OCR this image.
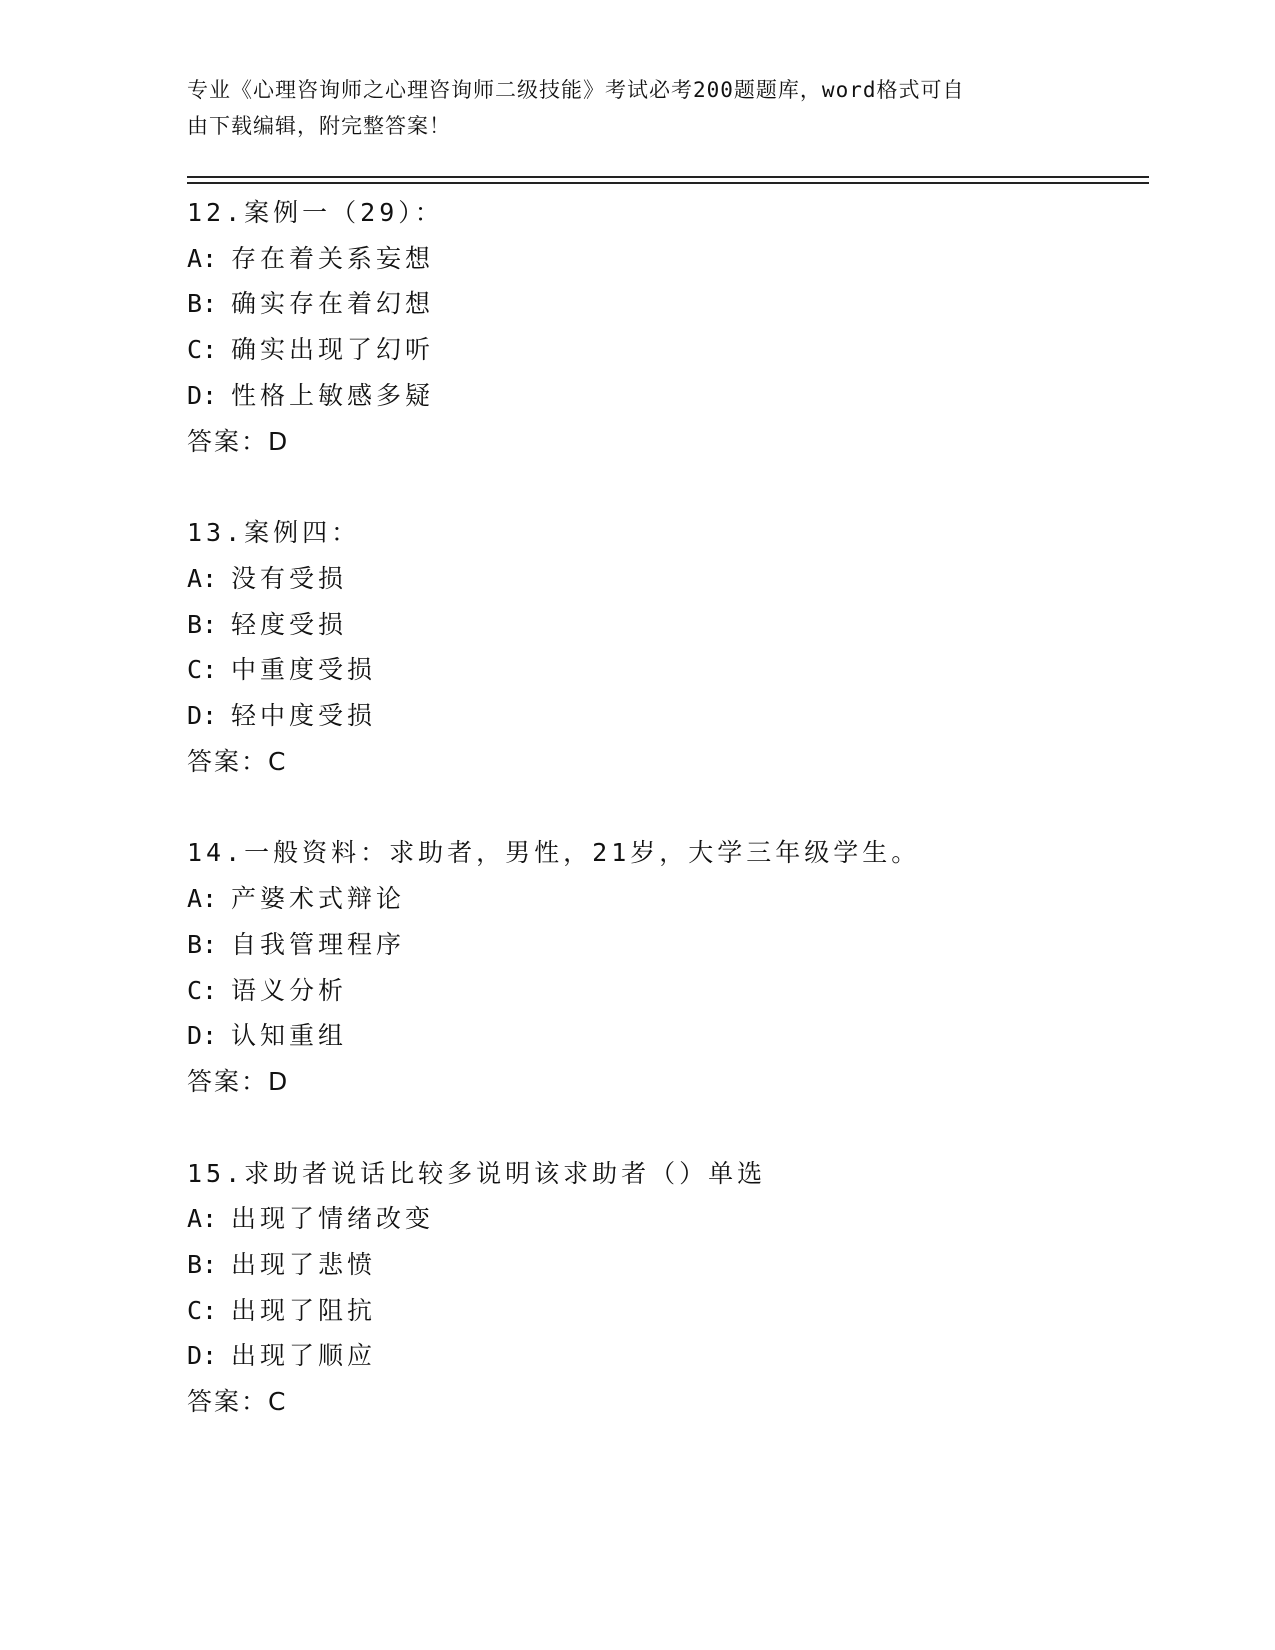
专业《心理咨询师之心理咨询师二级技能》考试必考200题题库，word格式可自
由下载编辑，附完整答案！
12.案例一（29）：
A: 存在着关系妄想
B: 确实存在着幻想
C: 确实出现了幻听
D: 性格上敏感多疑
答案：D
13.案例四：
A: 没有受损
B: 轻度受损
C: 中重度受损
D: 轻中度受损
答案：C
14.一般资料：求助者，男性，21岁，大学三年级学生。
A: 产婆术式辩论
B: 自我管理程序
C: 语义分析
D: 认知重组
答案：D
15.求助者说话比较多说明该求助者（）单选
A: 出现了情绪改变
B: 出现了悲愤
C: 出现了阻抗
D: 出现了顺应
答案：C
